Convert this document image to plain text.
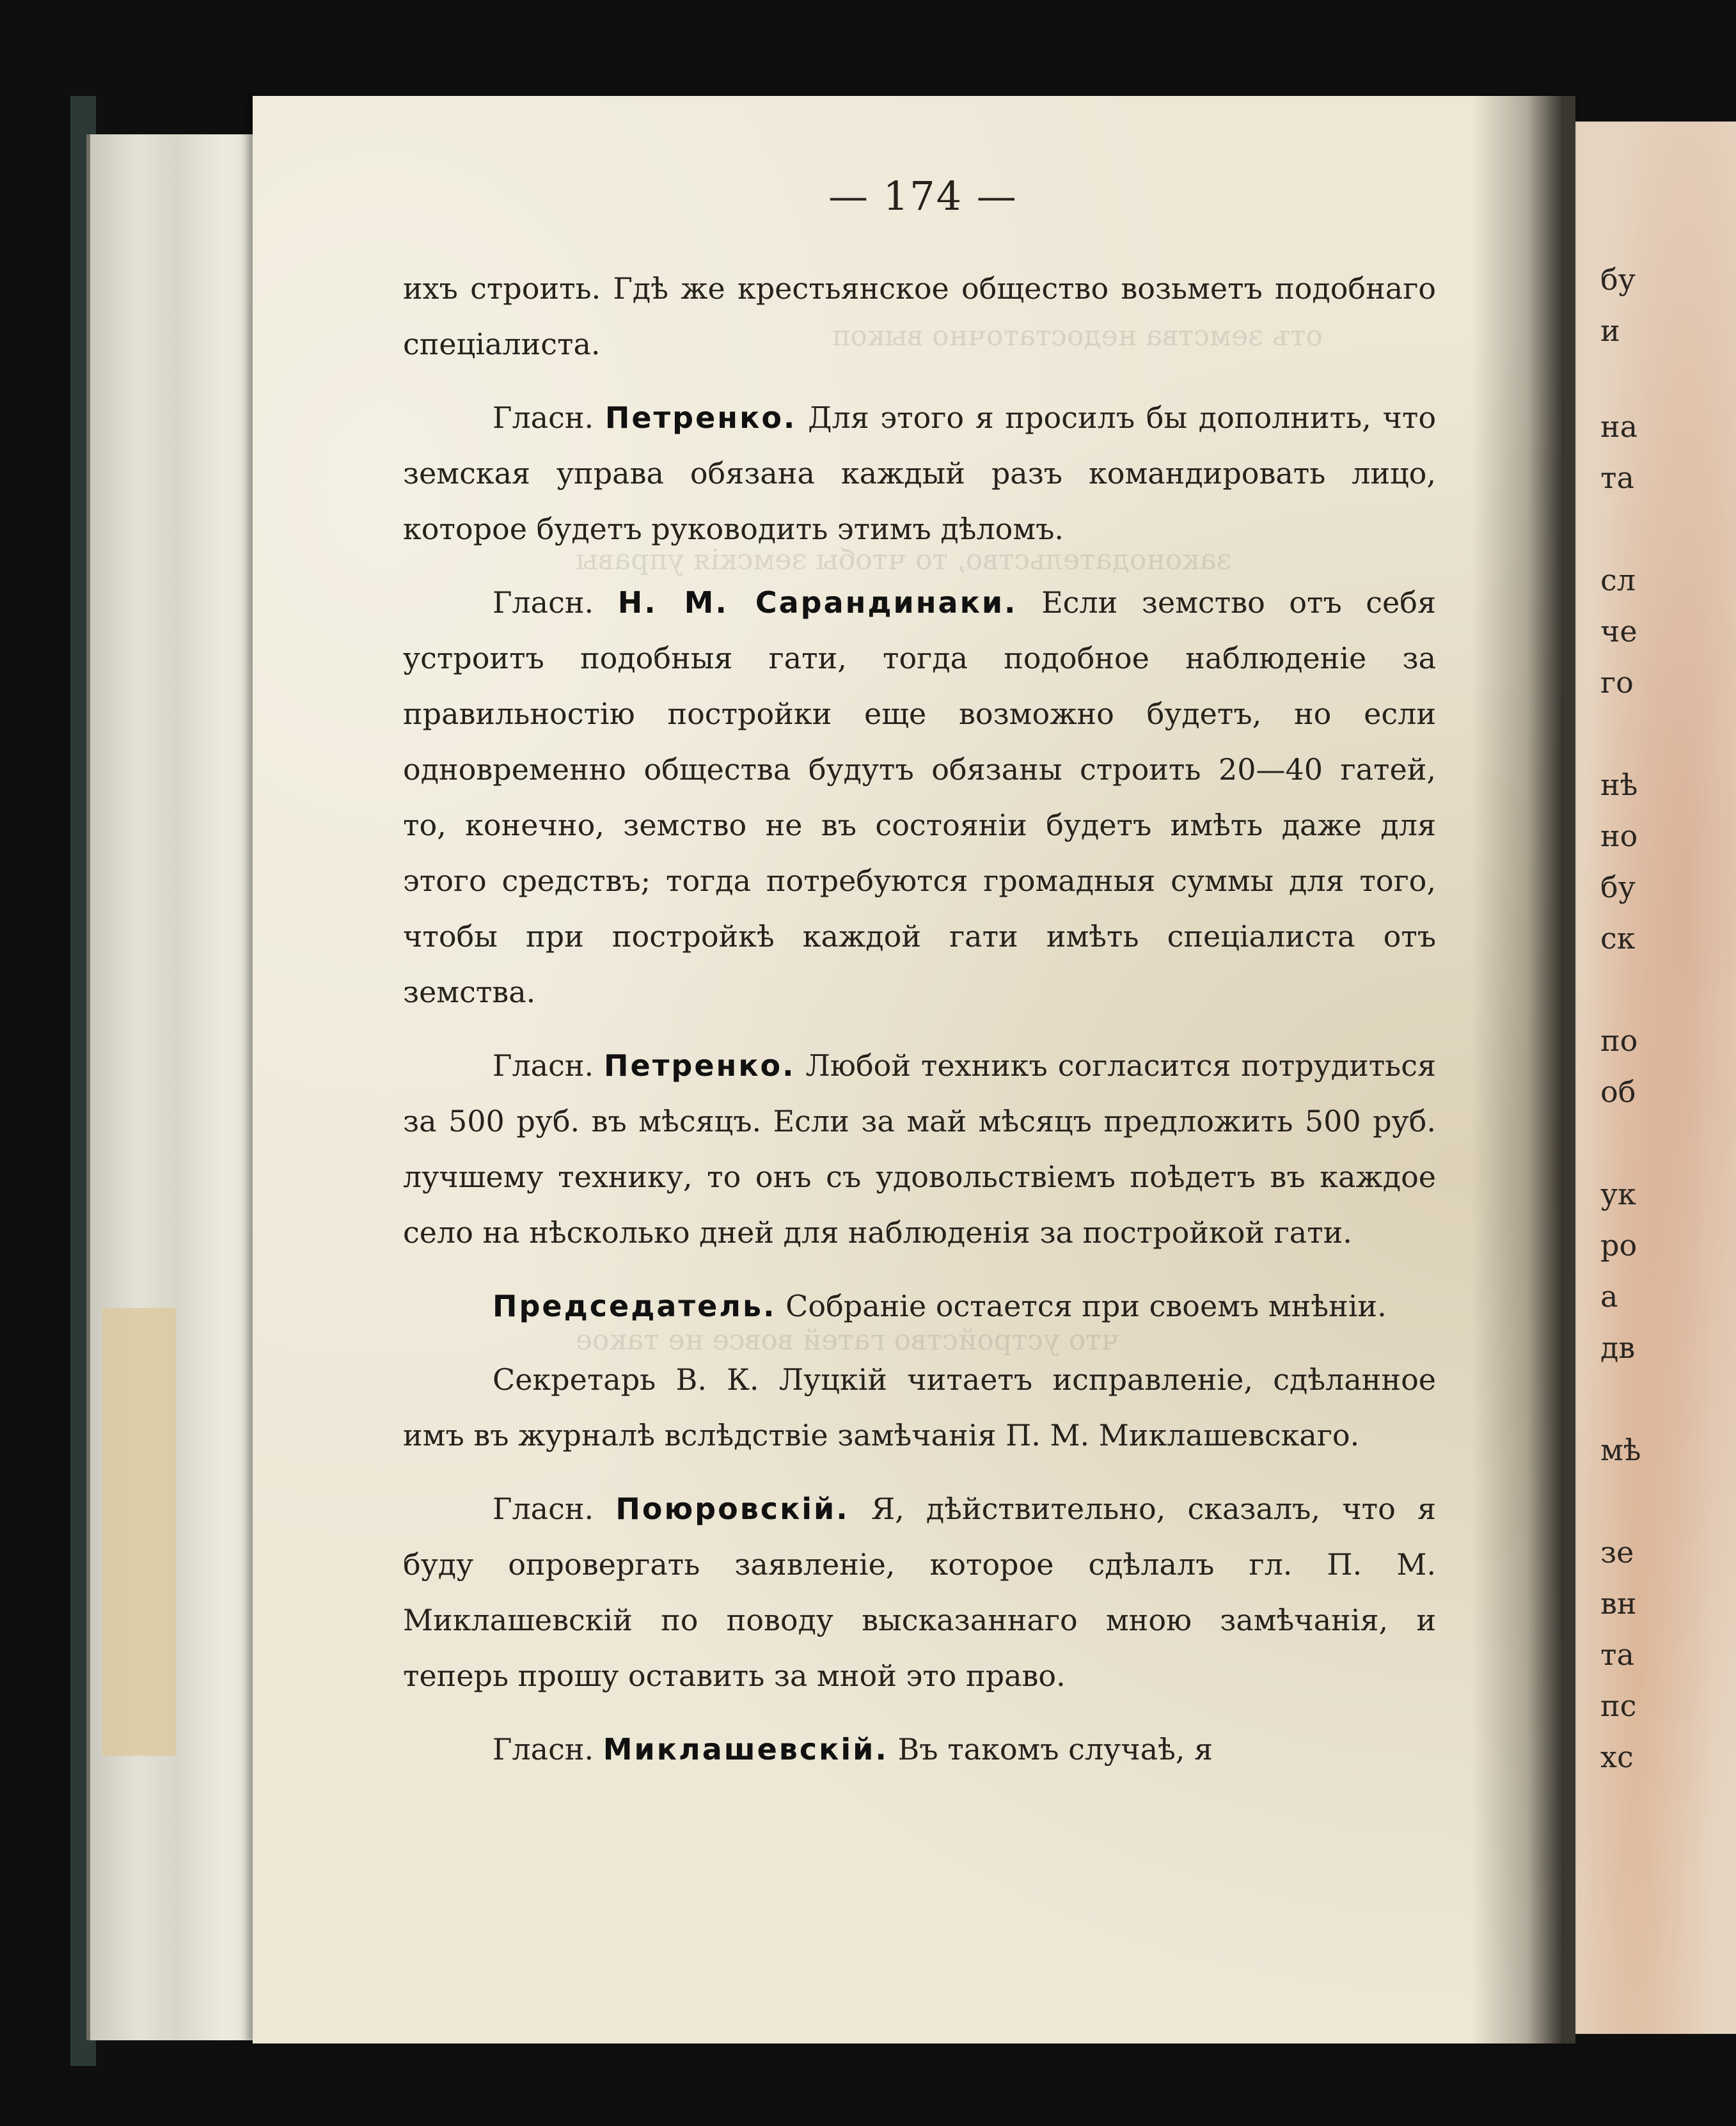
бу
и
на
та
сл
че
го
нѣ
но
бу
ск
по
об
ук
ро
а
дв
мѣ
зе
вн
та
пс
хс
отъ земства недостаточно выкоп
законодательство, то чтобы земскія управы
что устройство гатей вовсе не такое
— 174 —

ихъ строить. Гдѣ же крестьянское общество возьметъ подобнаго спеціалиста.

Гласн. Петренко. Для этого я просилъ бы дополнить, что земская управа обязана каждый разъ командировать лицо, которое будетъ руководить этимъ дѣломъ.

Гласн. Н. М. Сарандинаки. Если земство отъ себя устроитъ подобныя гати, тогда подобное наблюденіе за правильностію постройки еще возможно будетъ, но если одновременно общества будутъ обязаны строить 20—40 гатей, то, конечно, земство не въ состояніи будетъ имѣть даже для этого средствъ; тогда потребуются громадныя суммы для того, чтобы при постройкѣ каждой гати имѣть спеціалиста отъ земства.

Гласн. Петренко. Любой техникъ согласится потрудиться за 500 руб. въ мѣсяцъ. Если за май мѣсяцъ предложить 500 руб. лучшему технику, то онъ съ удовольствіемъ поѣдетъ въ каждое село на нѣсколько дней для наблюденія за постройкой гати.

Председатель. Собраніе остается при своемъ мнѣніи.

Секретарь В. К. Луцкій читаетъ исправленіе, сдѣланное имъ въ журналѣ вслѣдствіе замѣчанія П. М. Миклашевскаго.

Гласн. Поюровскій. Я, дѣйствительно, сказалъ, что я буду опровергать заявленіе, которое сдѣлалъ гл. П. М. Миклашевскій по поводу высказаннаго мною замѣчанія, и теперь прошу оставить за мной это право.

Гласн. Миклашевскій. Въ такомъ случаѣ, я
